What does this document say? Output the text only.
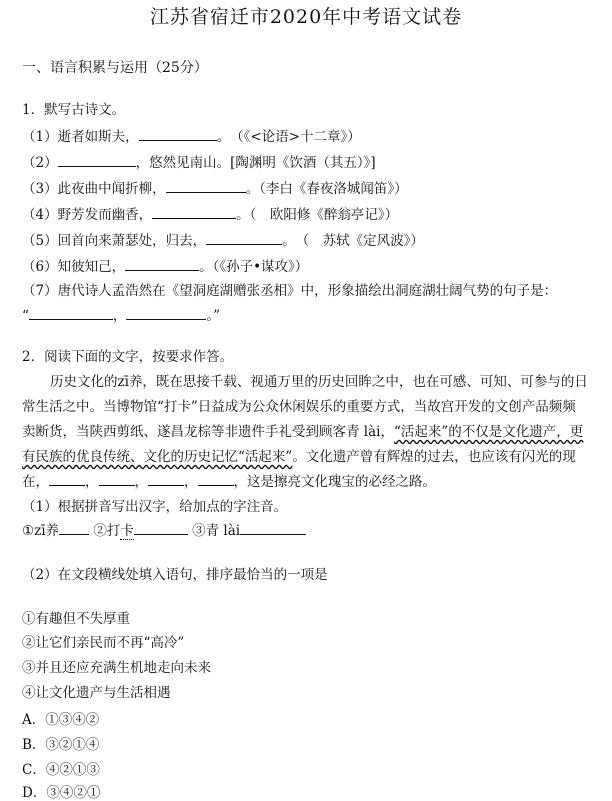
江苏省宿迁市2020年中考语文试卷
一、语言积累与运用（25分）
1．默写古诗文。
（1）逝者如斯夫，	。　（《<论语>十二章》）
（2）	，悠然见南山。[陶渊明《饮酒（其五）》]
（3）此夜曲中闻折柳，	。（李白《春夜洛城闻笛》）
（4）野芳发而幽香，	。（　欧阳修《醉翁亭记》）
（5）回首向来萧瑟处，归去，	。　（　苏轼《定风波》）
（6）知彼知己，	。（《孙子•谋攻》）
（7）唐代诗人孟浩然在《望洞庭湖赠张丞相》中，形象描绘出洞庭湖壮阔气势的句子是：
“	，	。”
2．阅读下面的文字，按要求作答。

历史文化的zī养，既在思接千载、视通万里的历史回眸之中，也在可感、可知、可参与的日常生活之中。当博物馆“打卡”日益成为公众休闲娱乐的重要方式，当故宫开发的文创产品频频卖断货，当陕西剪纸、遂昌龙棕等非遗件手礼受到顾客青 lài，“活起来”的不仅是文化遗产，更有民族的优良传统、文化的历史记忆“活起来”。文化遗产曾有辉煌的过去，也应该有闪光的现在，	，	，	，	，这是擦亮文化瑰宝的必经之路。

（1）根据拼音写出汉字，给加点的字注音。
①zī养	②打卡	③青 lài
（2）在文段横线处填入语句，排序最恰当的一项是
①有趣但不失厚重
②让它们亲民而不再“高冷”
③并且还应充满生机地走向未来
④让文化遗产与生活相遇
A．①③④②
B．③②①④
C．④②①③
D．③④②①
